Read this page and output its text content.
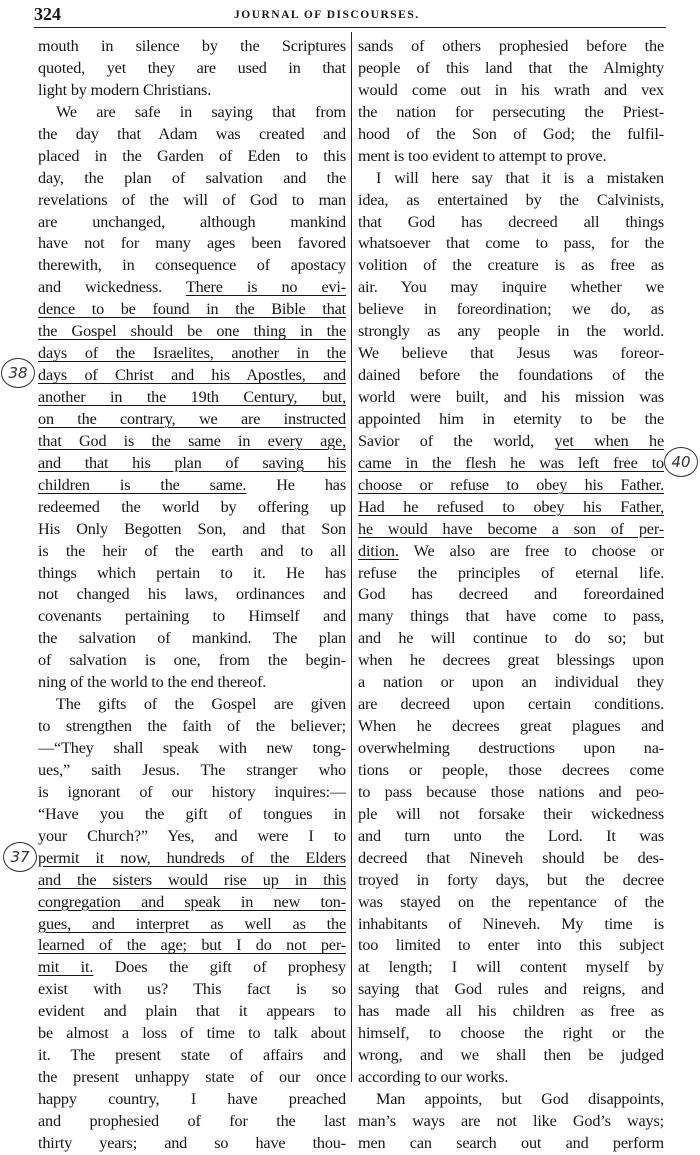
324	JOURNAL OF DISCOURSES.
mouth in silence by the Scriptures
quoted, yet they are used in that
light by modern Christians.
We are safe in saying that from
the day that Adam was created and
placed in the Garden of Eden to this
day, the plan of salvation and the
revelations of the will of God to man
are unchanged, although mankind
have not for many ages been favored
therewith, in consequence of apostacy
and wickedness. There is no evi-
dence to be found in the Bible that
the Gospel should be one thing in the
days of the Israelites, another in the
days of Christ and his Apostles, and
another in the 19th Century, but,
on the contrary, we are instructed
that God is the same in every age,
and that his plan of saving his
children is the same. He has
redeemed the world by offering up
His Only Begotten Son, and that Son
is the heir of the earth and to all
things which pertain to it. He has
not changed his laws, ordinances and
covenants pertaining to Himself and
the salvation of mankind. The plan
of salvation is one, from the begin-
ning of the world to the end thereof.
The gifts of the Gospel are given
to strengthen the faith of the believer;
—“They shall speak with new tong-
ues,” saith Jesus. The stranger who
is ignorant of our history inquires:—
“Have you the gift of tongues in
your Church?” Yes, and were I to
permit it now, hundreds of the Elders
and the sisters would rise up in this
congregation and speak in new ton-
gues, and interpret as well as the
learned of the age; but I do not per-
mit it. Does the gift of prophesy
exist with us? This fact is so
evident and plain that it appears to
be almost a loss of time to talk about
it. The present state of affairs and
the present unhappy state of our once
happy country, I have preached
and prophesied of for the last
thirty years; and so have thou-
sands of others prophesied before the
people of this land that the Almighty
would come out in his wrath and vex
the nation for persecuting the Priest-
hood of the Son of God; the fulfil-
ment is too evident to attempt to prove.
I will here say that it is a mistaken
idea, as entertained by the Calvinists,
that God has decreed all things
whatsoever that come to pass, for the
volition of the creature is as free as
air. You may inquire whether we
believe in foreordination; we do, as
strongly as any people in the world.
We believe that Jesus was foreor-
dained before the foundations of the
world were built, and his mission was
appointed him in eternity to be the
Savior of the world, yet when he
came in the flesh he was left free to
choose or refuse to obey his Father.
Had he refused to obey his Father,
he would have become a son of per-
dition. We also are free to choose or
refuse the principles of eternal life.
God has decreed and foreordained
many things that have come to pass,
and he will continue to do so; but
when he decrees great blessings upon
a nation or upon an individual they
are decreed upon certain conditions.
When he decrees great plagues and
overwhelming destructions upon na-
tions or people, those decrees come
to pass because those nations and peo-
ple will not forsake their wickedness
and turn unto the Lord. It was
decreed that Nineveh should be des-
troyed in forty days, but the decree
was stayed on the repentance of the
inhabitants of Nineveh. My time is
too limited to enter into this subject
at length; I will content myself by
saying that God rules and reigns, and
has made all his children as free as
himself, to choose the right or the
wrong, and we shall then be judged
according to our works.
Man appoints, but God disappoints,
man’s ways are not like God’s ways;
men can search out and perform
38
40
37
